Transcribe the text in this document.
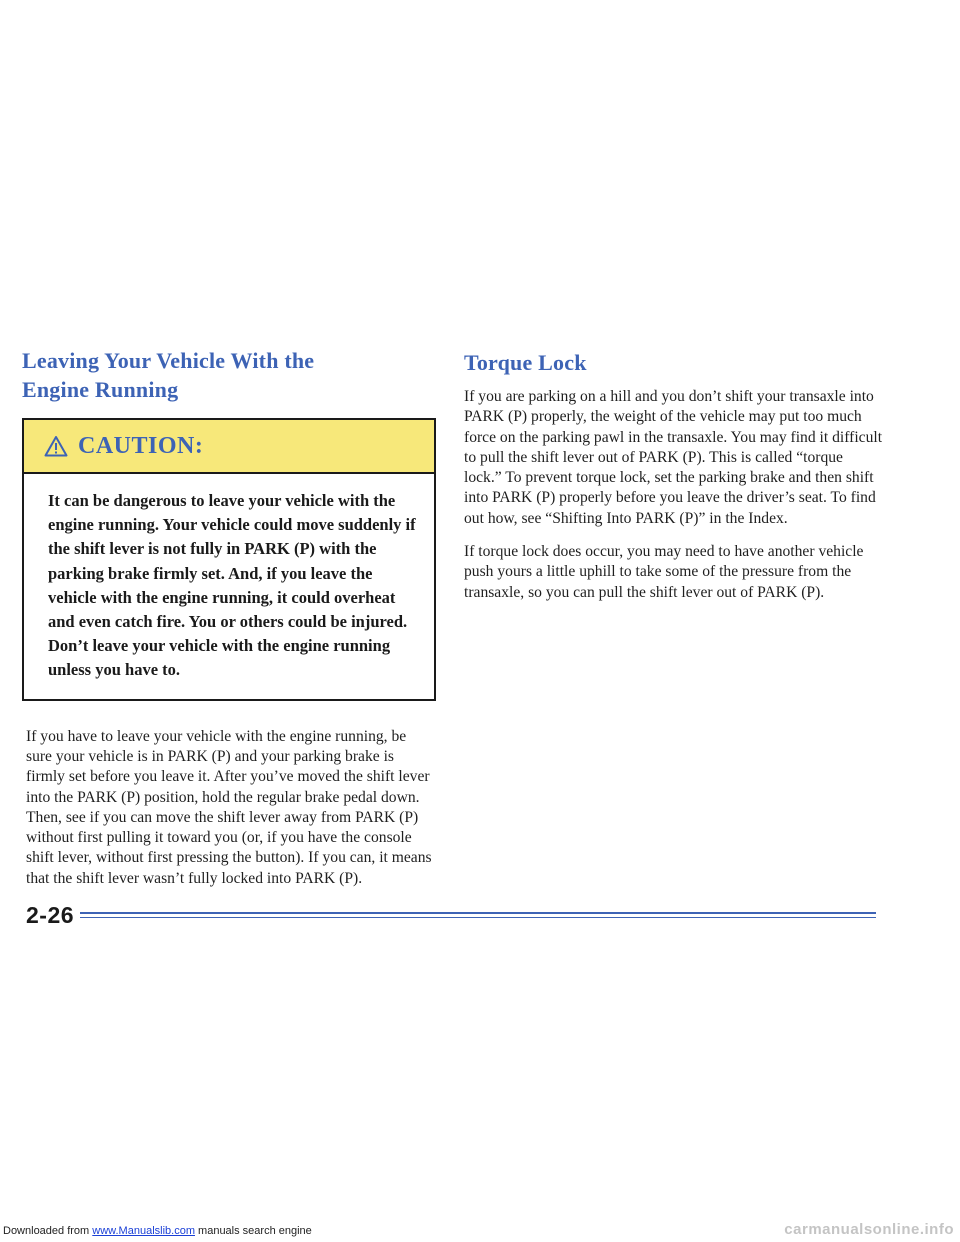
Leaving Your Vehicle With the
Engine Running
CAUTION:

It can be dangerous to leave your vehicle with the engine running. Your vehicle could move suddenly if the shift lever is not fully in PARK (P) with the parking brake firmly set. And, if you leave the vehicle with the engine running, it could overheat and even catch fire. You or others could be injured. Don’t leave your vehicle with the engine running unless you have to.

If you have to leave your vehicle with the engine running, be sure your vehicle is in PARK (P) and your parking brake is firmly set before you leave it. After you’ve moved the shift lever into the PARK (P) position, hold the regular brake pedal down. Then, see if you can move the shift lever away from PARK (P) without first pulling it toward you (or, if you have the console shift lever, without first pressing the button). If you can, it means that the shift lever wasn’t fully locked into PARK (P).

Torque Lock

If you are parking on a hill and you don’t shift your transaxle into PARK (P) properly, the weight of the vehicle may put too much force on the parking pawl in the transaxle. You may find it difficult to pull the shift lever out of PARK (P). This is called “torque lock.” To prevent torque lock, set the parking brake and then shift into PARK (P) properly before you leave the driver’s seat. To find out how, see “Shifting Into PARK (P)” in the Index.

If torque lock does occur, you may need to have another vehicle push yours a little uphill to take some of the pressure from the transaxle, so you can pull the shift lever out of PARK (P).

2-26
Downloaded from www.Manualslib.com manuals search engine	carmanualsonline.info
